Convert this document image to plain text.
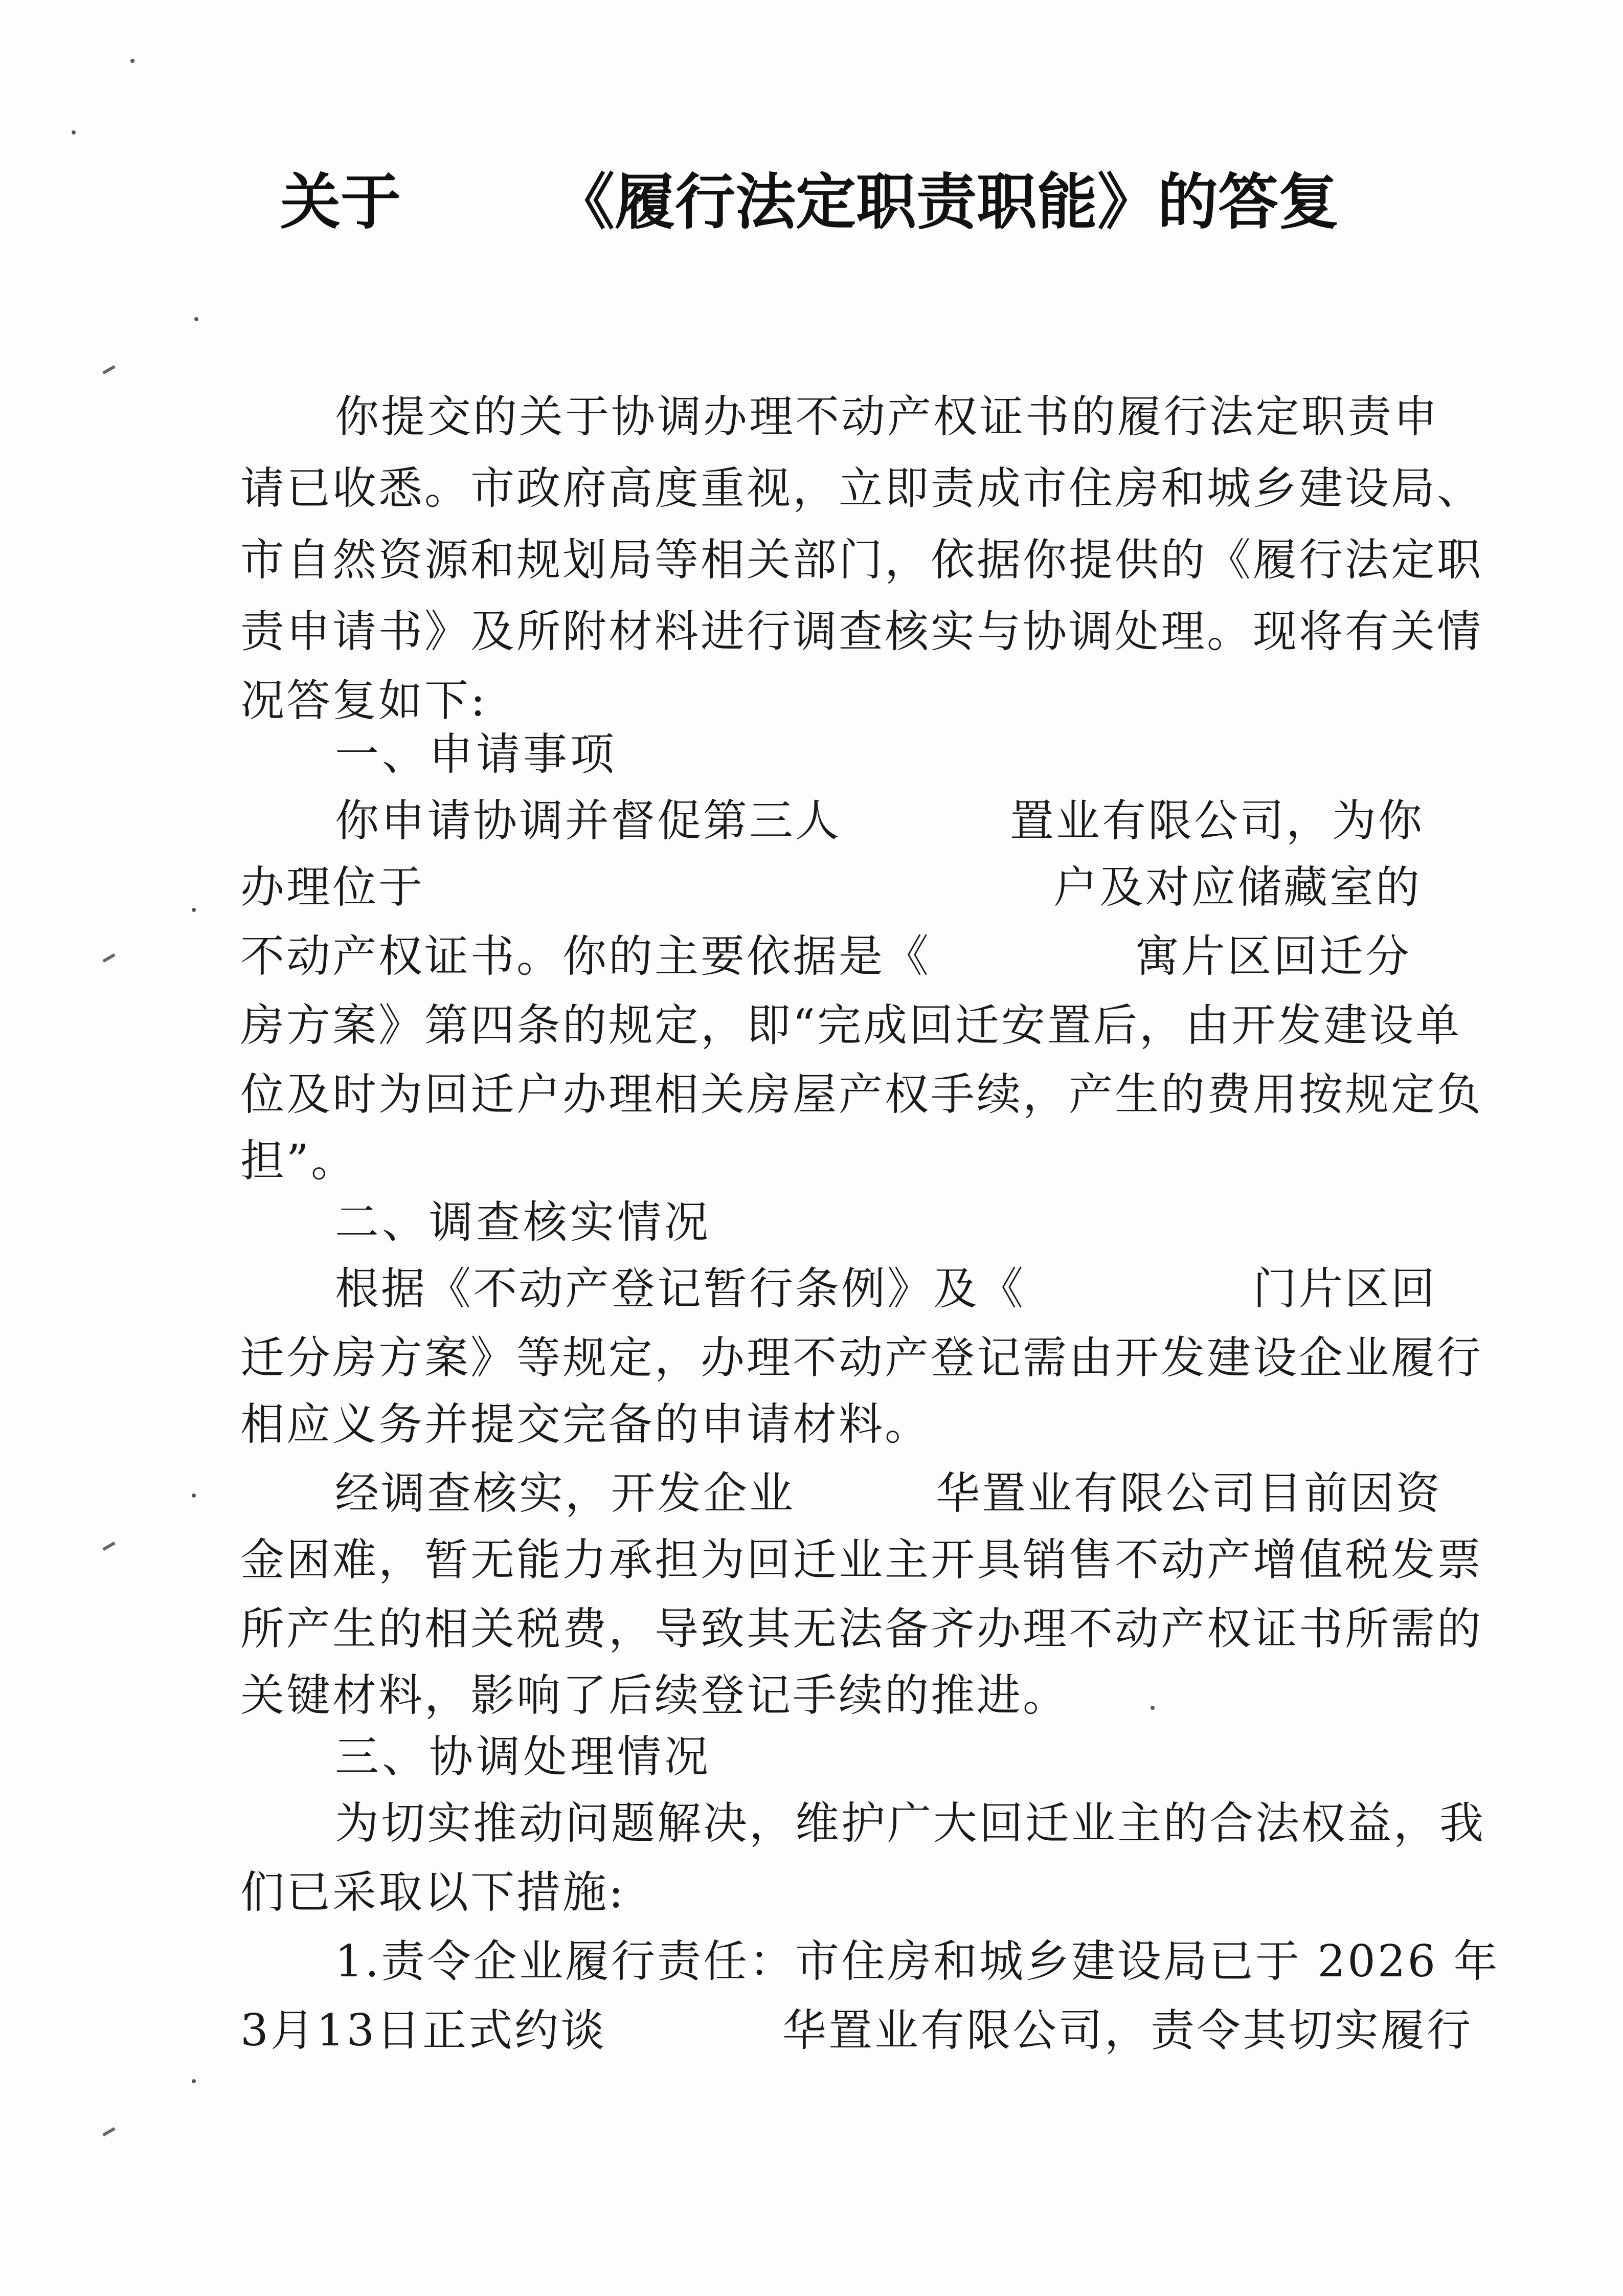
关于	《履行法定职责职能》的答复
你提交的关于协调办理不动产权证书的履行法定职责申
请已收悉。市政府高度重视，立即责成市住房和城乡建设局、
市自然资源和规划局等相关部门，依据你提供的《履行法定职
责申请书》及所附材料进行调查核实与协调处理。现将有关情
况答复如下:
一、申请事项
你申请协调并督促第三人	置业有限公司，为你
办理位于	户及对应储藏室的
不动产权证书。你的主要依据是《	寓片区回迁分
房方案》第四条的规定，即“完成回迁安置后，由开发建设单
位及时为回迁户办理相关房屋产权手续，产生的费用按规定负
担”。
二、调查核实情况
根据《不动产登记暂行条例》及《	门片区回
迁分房方案》等规定，办理不动产登记需由开发建设企业履行
相应义务并提交完备的申请材料。
经调查核实，开发企业	华置业有限公司目前因资
金困难，暂无能力承担为回迁业主开具销售不动产增值税发票
所产生的相关税费，导致其无法备齐办理不动产权证书所需的
关键材料，影响了后续登记手续的推进。
三、协调处理情况
为切实推动问题解决，维护广大回迁业主的合法权益，我
们已采取以下措施:
1.责令企业履行责任：市住房和城乡建设局已于 2026 年
3月13日正式约谈	华置业有限公司，责令其切实履行
